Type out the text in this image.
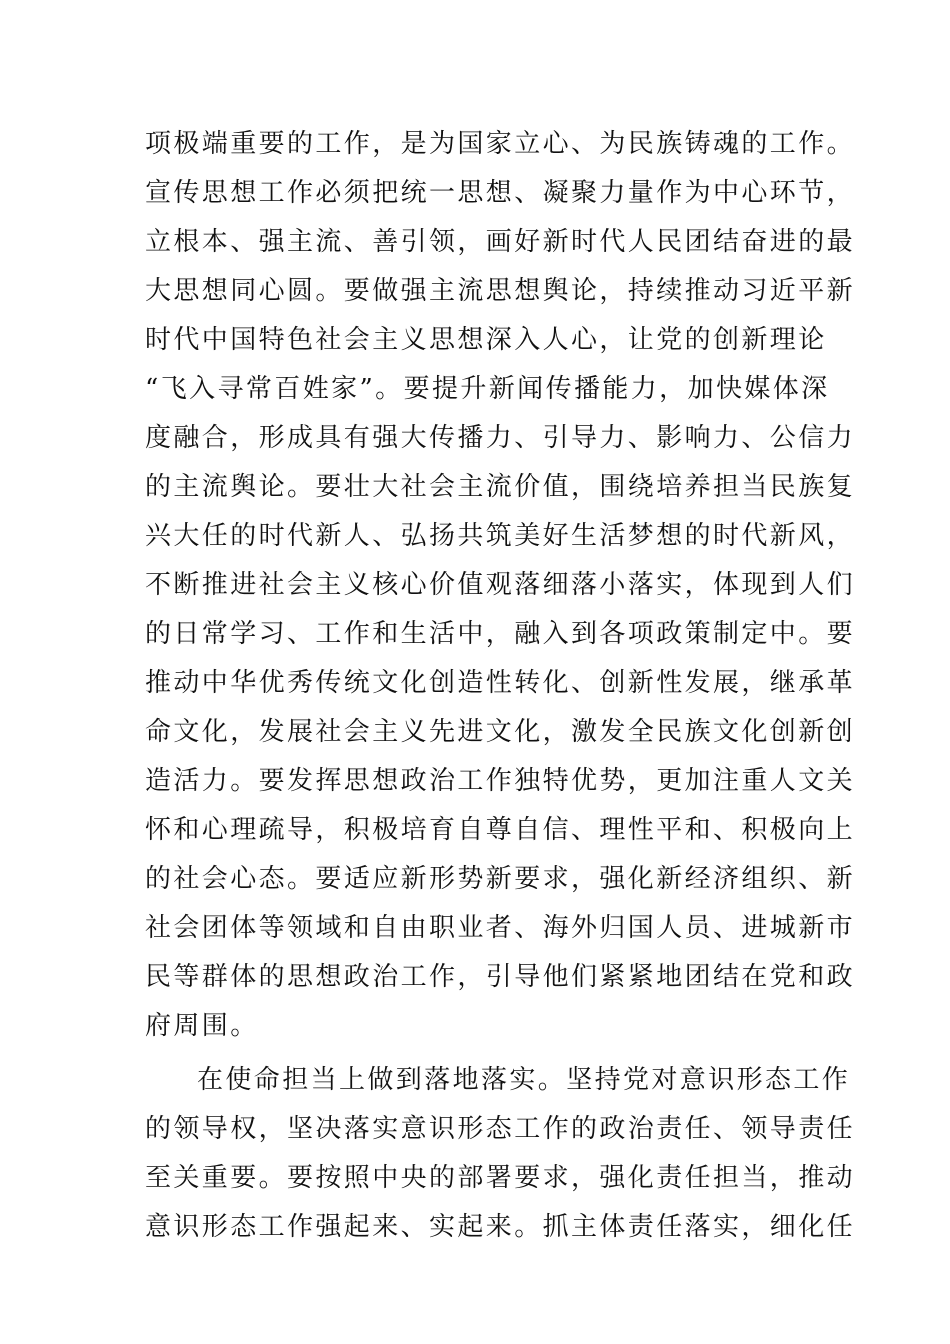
项极端重要的工作，是为国家立心、为民族铸魂的工作。
宣传思想工作必须把统一思想、凝聚力量作为中心环节，
立根本、强主流、善引领，画好新时代人民团结奋进的最
大思想同心圆。要做强主流思想舆论，持续推动习近平新
时代中国特色社会主义思想深入人心，让党的创新理论
“飞入寻常百姓家”。要提升新闻传播能力，加快媒体深
度融合，形成具有强大传播力、引导力、影响力、公信力
的主流舆论。要壮大社会主流价值，围绕培养担当民族复
兴大任的时代新人、弘扬共筑美好生活梦想的时代新风，
不断推进社会主义核心价值观落细落小落实，体现到人们
的日常学习、工作和生活中，融入到各项政策制定中。要
推动中华优秀传统文化创造性转化、创新性发展，继承革
命文化，发展社会主义先进文化，激发全民族文化创新创
造活力。要发挥思想政治工作独特优势，更加注重人文关
怀和心理疏导，积极培育自尊自信、理性平和、积极向上
的社会心态。要适应新形势新要求，强化新经济组织、新
社会团体等领域和自由职业者、海外归国人员、进城新市
民等群体的思想政治工作，引导他们紧紧地团结在党和政
府周围。
在使命担当上做到落地落实。坚持党对意识形态工作
的领导权，坚决落实意识形态工作的政治责任、领导责任
至关重要。要按照中央的部署要求，强化责任担当，推动
意识形态工作强起来、实起来。抓主体责任落实，细化任
